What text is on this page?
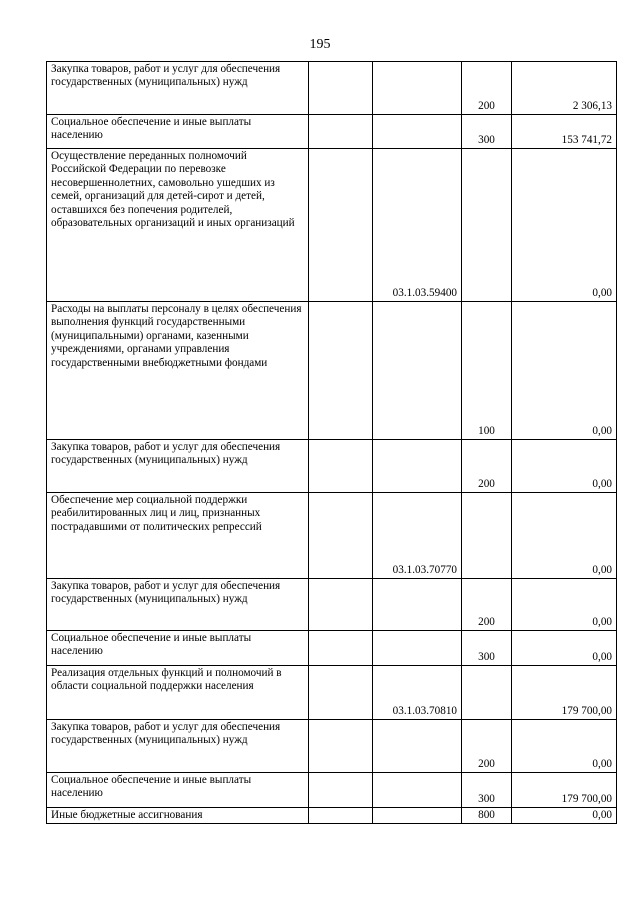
195
Закупка товаров, работ и услуг для обеспечения государственных (муниципальных) нужд			200	2 306,13
Социальное обеспечение и иные выплаты населению			300	153 741,72
Осуществление переданных полномочий Российской Федерации по перевозке несовершеннолетних, самовольно ушедших из семей, организаций для детей-сирот и детей, оставшихся без попечения родителей, образовательных организаций и иных организаций		03.1.03.59400		0,00
Расходы на выплаты персоналу в целях обеспечения выполнения функций государственными (муниципальными) органами, казенными учреждениями, органами управления государственными внебюджетными фондами			100	0,00
Закупка товаров, работ и услуг для обеспечения государственных (муниципальных) нужд			200	0,00
Обеспечение мер социальной поддержки реабилитированных лиц и лиц, признанных пострадавшими от политических репрессий		03.1.03.70770		0,00
Закупка товаров, работ и услуг для обеспечения государственных (муниципальных) нужд			200	0,00
Социальное обеспечение и иные выплаты населению			300	0,00
Реализация отдельных функций и полномочий в области социальной поддержки населения		03.1.03.70810		179 700,00
Закупка товаров, работ и услуг для обеспечения государственных (муниципальных) нужд			200	0,00
Социальное обеспечение и иные выплаты населению			300	179 700,00
Иные бюджетные ассигнования			800	0,00
